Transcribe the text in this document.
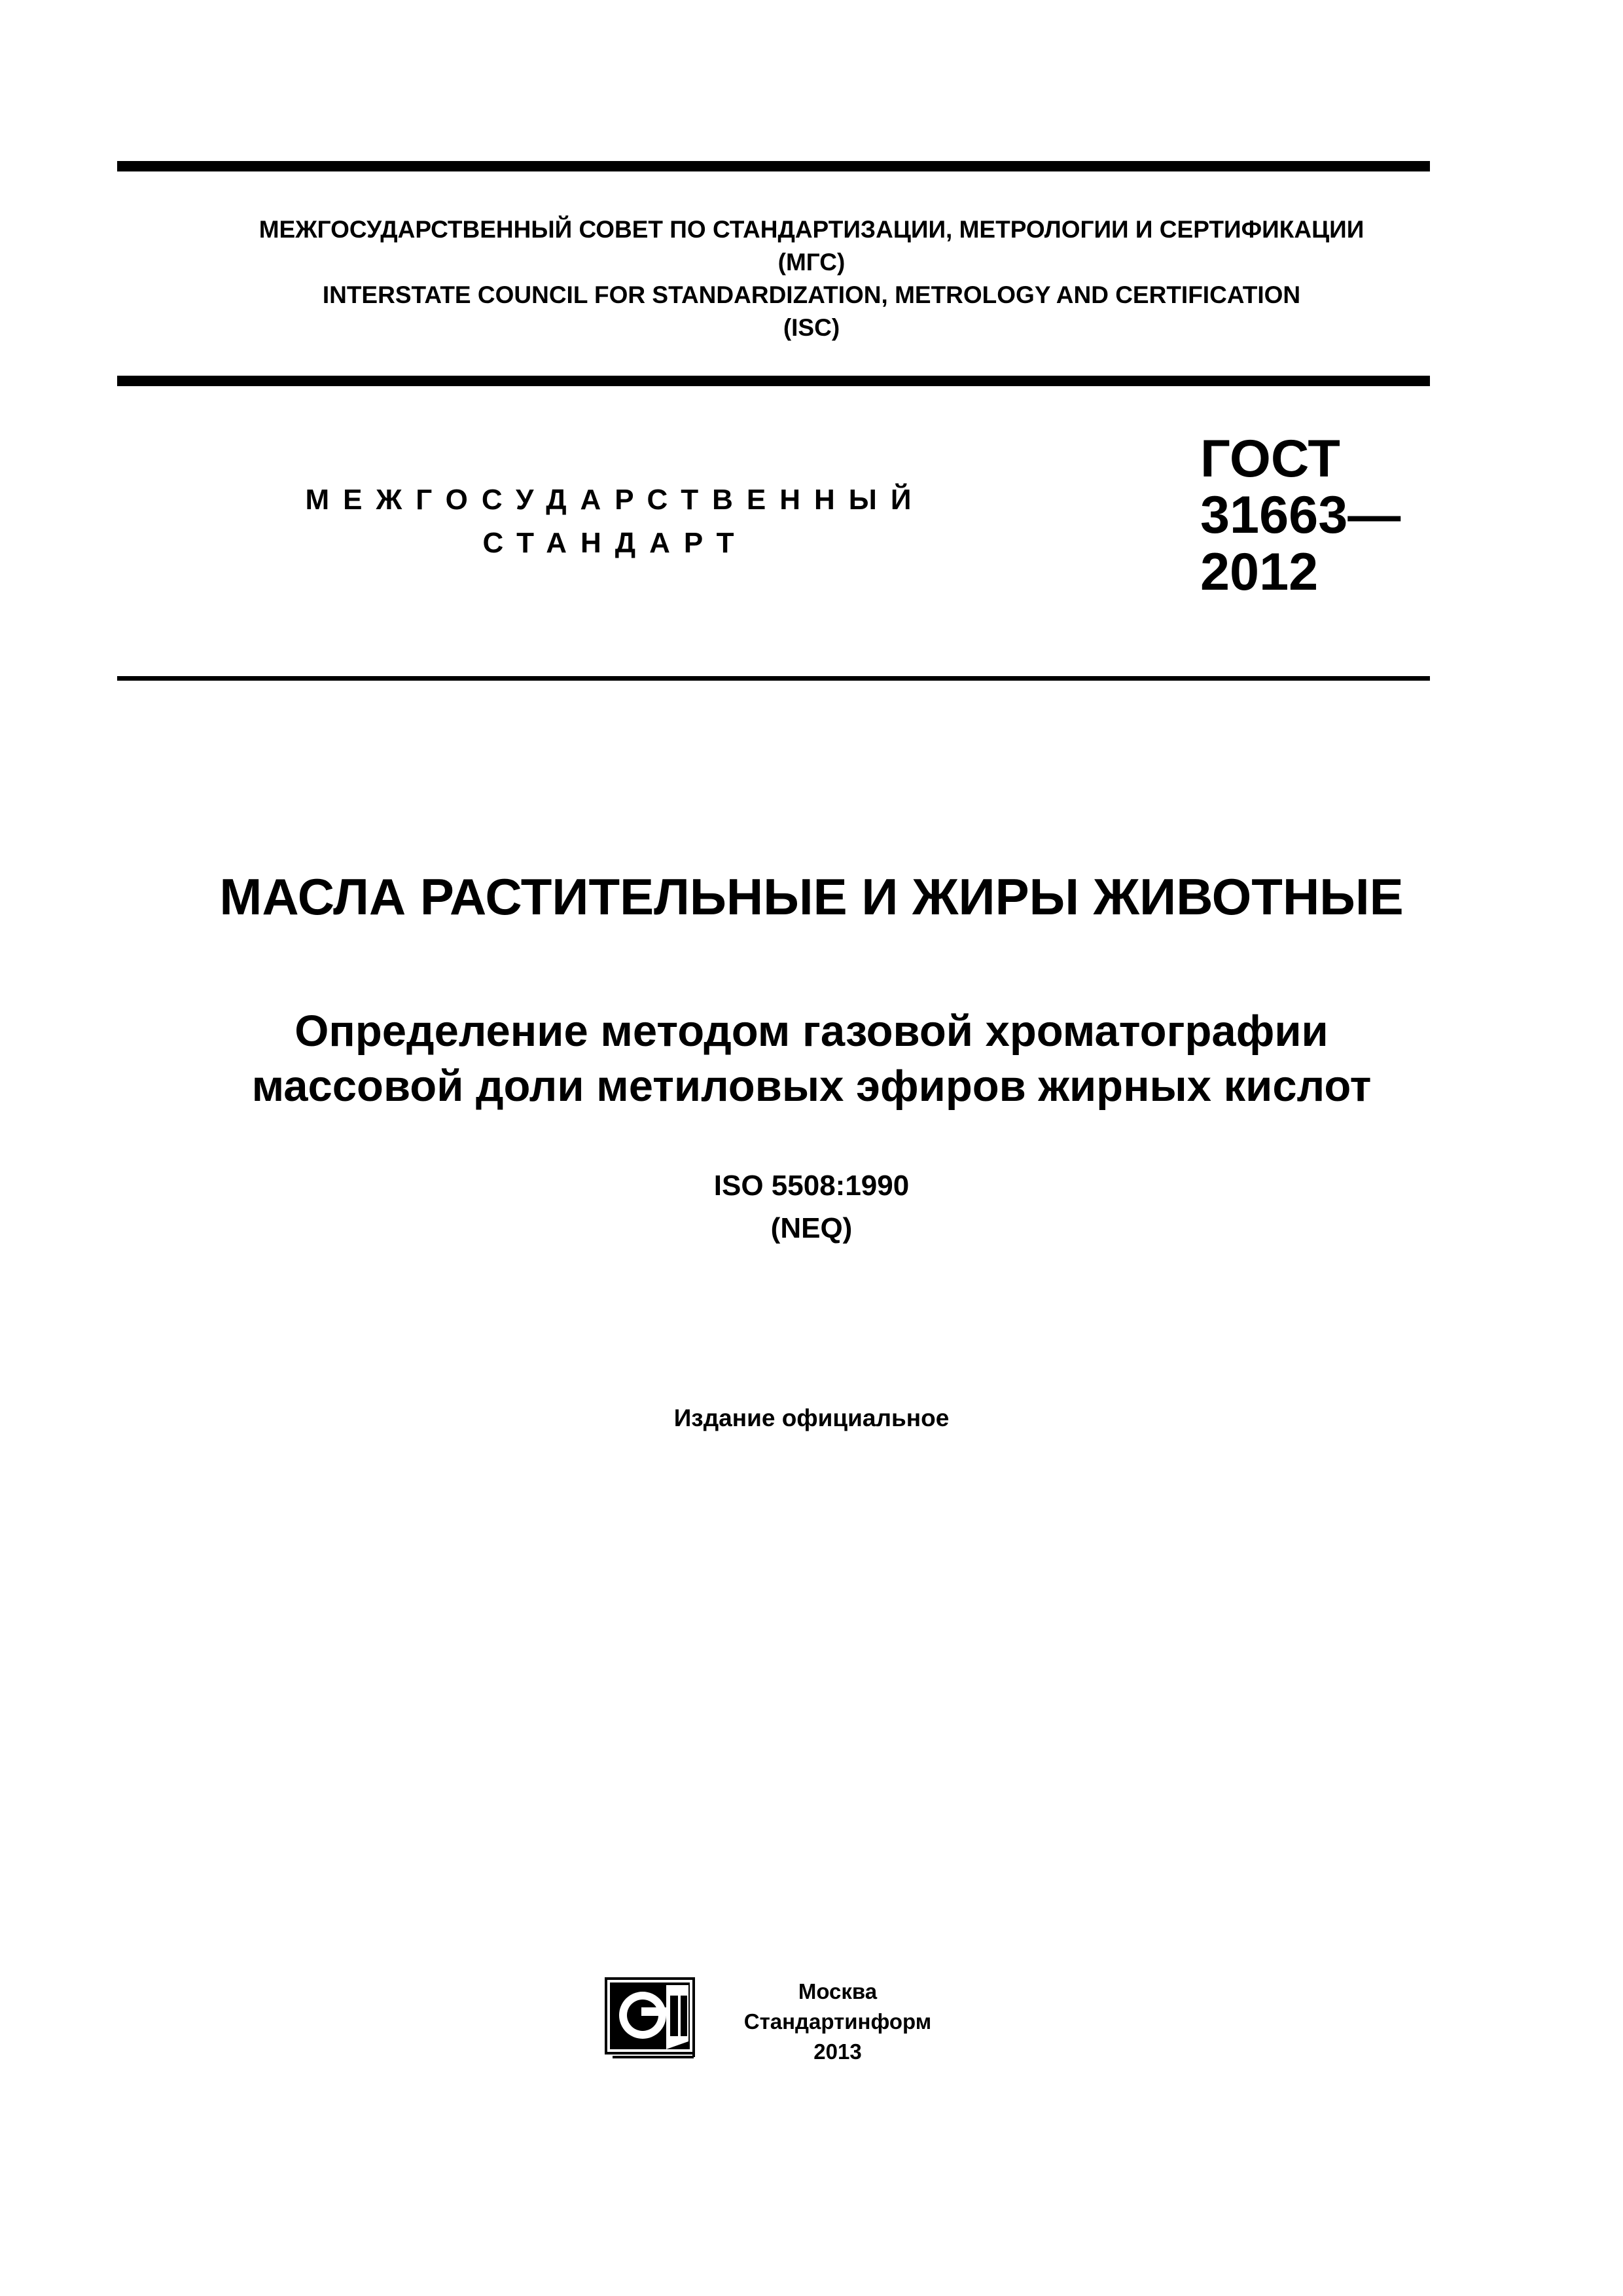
МЕЖГОСУДАРСТВЕННЫЙ СОВЕТ ПО СТАНДАРТИЗАЦИИ, МЕТРОЛОГИИ И СЕРТИФИКАЦИИ
(МГС)
INTERSTATE COUNCIL FOR STANDARDIZATION, METROLOGY AND CERTIFICATION
(ISC)
МЕЖГОСУДАРСТВЕННЫЙ
СТАНДАРТ
ГОСТ
31663—
2012
МАСЛА РАСТИТЕЛЬНЫЕ И ЖИРЫ ЖИВОТНЫЕ
Определение методом газовой хроматографии
массовой доли метиловых эфиров жирных кислот
ISO 5508:1990
(NEQ)
Издание официальное
Москва
Стандартинформ
2013
